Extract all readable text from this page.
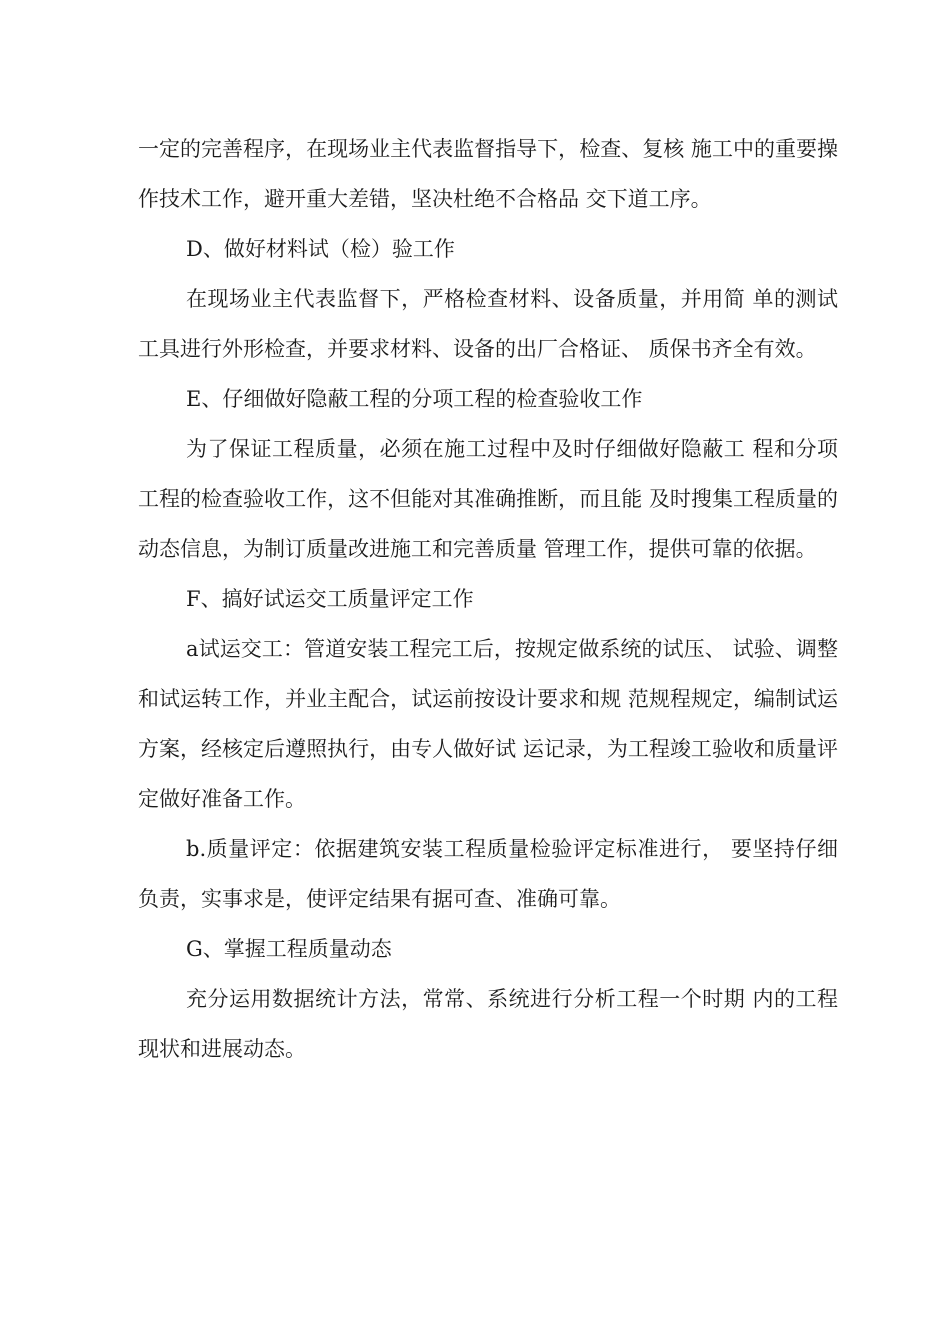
一定的完善程序，在现场业主代表监督指导下，检查、复核 施工中的重要操作技术工作，避开重大差错，坚决杜绝不合格品 交下道工序。

D、做好材料试（检）验工作

在现场业主代表监督下，严格检查材料、设备质量，并用简 单的测试工具进行外形检查，并要求材料、设备的出厂合格证、 质保书齐全有效。

E、仔细做好隐蔽工程的分项工程的检查验收工作

为了保证工程质量，必须在施工过程中及时仔细做好隐蔽工 程和分项工程的检查验收工作，这不但能对其准确推断，而且能 及时搜集工程质量的动态信息，为制订质量改进施工和完善质量 管理工作，提供可靠的依据。

F、搞好试运交工质量评定工作

a试运交工：管道安装工程完工后，按规定做系统的试压、 试验、调整和试运转工作，并业主配合，试运前按设计要求和规 范规程规定，编制试运方案，经核定后遵照执行，由专人做好试 运记录，为工程竣工验收和质量评定做好准备工作。

b.质量评定：依据建筑安装工程质量检验评定标准进行， 要坚持仔细负责，实事求是，使评定结果有据可查、准确可靠。

G、掌握工程质量动态

充分运用数据统计方法，常常、系统进行分析工程一个时期 内的工程现状和进展动态。
